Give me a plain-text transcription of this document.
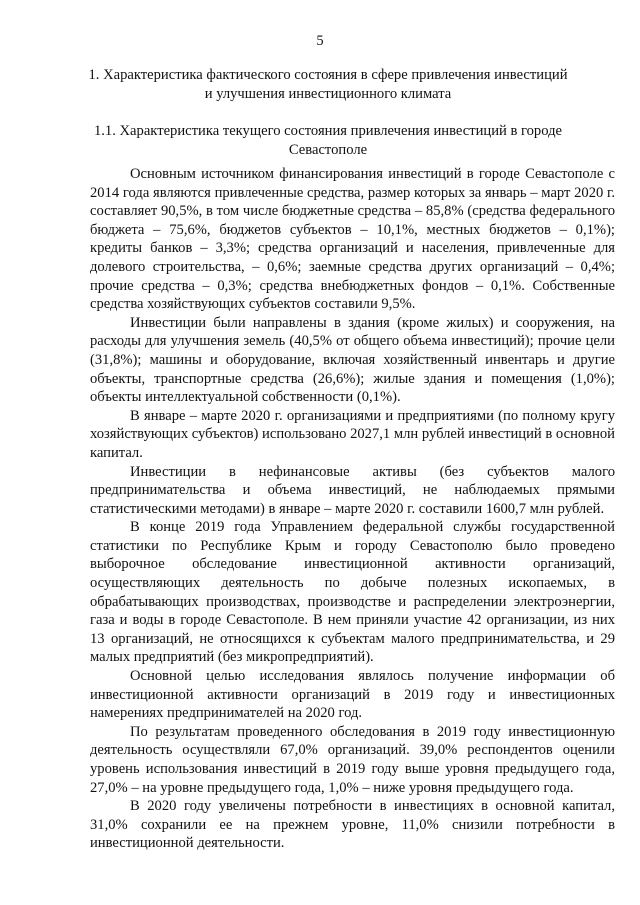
5
1. Характеристика фактического состояния в сфере привлечения инвестиций и улучшения инвестиционного климата
1.1. Характеристика текущего состояния привлечения инвестиций в городе Севастополе

Основным источником финансирования инвестиций в городе Севастополе с 2014 года являются привлеченные средства, размер которых за январь – март 2020 г. составляет 90,5%, в том числе бюджетные средства – 85,8% (средства федерального бюджета – 75,6%, бюджетов субъектов – 10,1%, местных бюджетов – 0,1%); кредиты банков – 3,3%; средства организаций и населения, привлеченные для долевого строительства, – 0,6%; заемные средства других организаций – 0,4%; прочие средства – 0,3%; средства внебюджетных фондов – 0,1%. Собственные средства хозяйствующих субъектов составили 9,5%.

Инвестиции были направлены в здания (кроме жилых) и сооружения, на расходы для улучшения земель (40,5% от общего объема инвестиций); прочие цели (31,8%); машины и оборудование, включая хозяйственный инвентарь и другие объекты, транспортные средства (26,6%); жилые здания и помещения (1,0%); объекты интеллектуальной собственности (0,1%).

В январе – марте 2020 г. организациями и предприятиями (по полному кругу хозяйствующих субъектов) использовано 2027,1 млн рублей инвестиций в основной капитал.

Инвестиции в нефинансовые активы (без субъектов малого предпринимательства и объема инвестиций, не наблюдаемых прямыми статистическими методами) в январе – марте 2020 г. составили 1600,7 млн рублей.

В конце 2019 года Управлением федеральной службы государственной статистики по Республике Крым и городу Севастополю было проведено выборочное обследование инвестиционной активности организаций, осуществляющих деятельность по добыче полезных ископаемых, в обрабатывающих производствах, производстве и распределении электроэнергии, газа и воды в городе Севастополе. В нем приняли участие 42 организации, из них 13 организаций, не относящихся к субъектам малого предпринимательства, и 29 малых предприятий (без микропредприятий).

Основной целью исследования являлось получение информации об инвестиционной активности организаций в 2019 году и инвестиционных намерениях предпринимателей на 2020 год.

По результатам проведенного обследования в 2019 году инвестиционную деятельность осуществляли 67,0% организаций. 39,0% респондентов оценили уровень использования инвестиций в 2019 году выше уровня предыдущего года, 27,0% – на уровне предыдущего года, 1,0% – ниже уровня предыдущего года.

В 2020 году увеличены потребности в инвестициях в основной капитал, 31,0% сохранили ее на прежнем уровне, 11,0% снизили потребности в инвестиционной деятельности.
